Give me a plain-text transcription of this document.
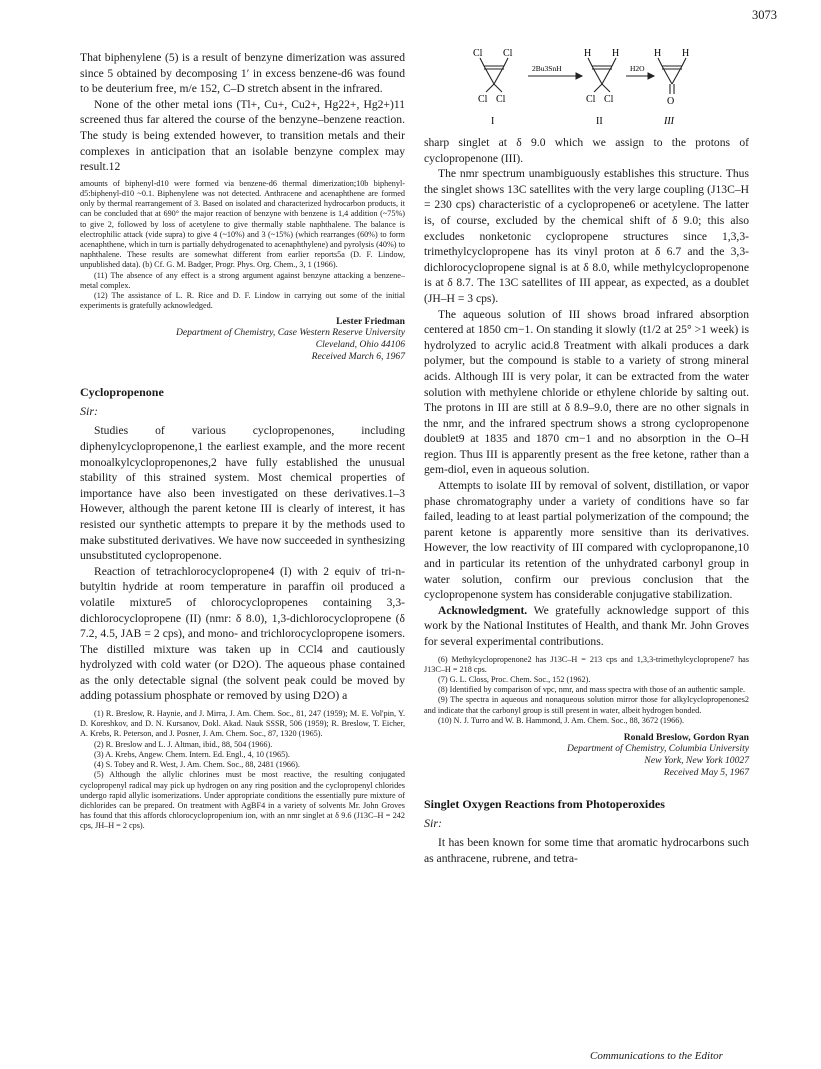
3073
Cl Cl
Cl Cl
I
2Bu3SnH
H H
Cl Cl
II
H2O
H H
O
III

That biphenylene (5) is a result of benzyne dimerization was assured since 5 obtained by decomposing 1′ in excess benzene-d6 was found to be deuterium free, m/e 152, C–D stretch absent in the infrared.

None of the other metal ions (Tl+, Cu+, Cu2+, Hg22+, Hg2+)11 screened thus far altered the course of the benzyne–benzene reaction. The study is being extended however, to transition metals and their complexes in anticipation that an isolable benzyne complex may result.12

amounts of biphenyl-d10 were formed via benzene-d6 thermal dimerization;10b biphenyl-d5:biphenyl-d10 ~0.1. Biphenylene was not detected. Anthracene and acenaphthene are formed only by thermal rearrangement of 3. Based on isolated and characterized hydrocarbon products, it can be concluded that at 690° the major reaction of benzyne with benzene is 1,4 addition (~75%) to give 2, followed by loss of acetylene to give thermally stable naphthalene. The balance is electrophilic attack (vide supra) to give 4 (~10%) and 3 (~15%) (which rearranges (60%) to form acenaphthene, which in turn is partially dehydrogenated to acenaphthylene) and pyrolysis (40%) to naphthalene. These results are somewhat different from earlier reports5a (D. F. Lindow, unpublished data). (b) Cf. G. M. Badger, Progr. Phys. Org. Chem., 3, 1 (1966).

(11) The absence of any effect is a strong argument against benzyne attacking a benzene–metal complex.

(12) The assistance of L. R. Rice and D. F. Lindow in carrying out some of the initial experiments is gratefully acknowledged.

Lester Friedman
Department of Chemistry, Case Western Reserve University
Cleveland, Ohio 44106
Received March 6, 1967
Cyclopropenone
Sir:

Studies of various cyclopropenones, including diphenylcyclopropenone,1 the earliest example, and the more recent monoalkylcyclopropenones,2 have fully established the unusual stability of this strained system. Most chemical properties of importance have also been investigated on these derivatives.1–3 However, although the parent ketone III is clearly of interest, it has resisted our synthetic attempts to prepare it by the methods used to make substituted derivatives. We have now succeeded in synthesizing unsubstituted cyclopropenone.

Reaction of tetrachlorocyclopropene4 (I) with 2 equiv of tri-n-butyltin hydride at room temperature in paraffin oil produced a volatile mixture5 of chlorocyclopropenes containing 3,3-dichlorocyclopropene (II) (nmr: δ 8.0), 1,3-dichlorocyclopropene (δ 7.2, 4.5, JAB = 2 cps), and mono- and trichlorocyclopropene isomers. The distilled mixture was taken up in CCl4 and cautiously hydrolyzed with cold water (or D2O). The aqueous phase contained as the only detectable signal (the solvent peak could be moved by adding potassium phosphate or removed by using D2O) a

(1) R. Breslow, R. Haynie, and J. Mirra, J. Am. Chem. Soc., 81, 247 (1959); M. E. Vol'pin, Y. D. Koreshkov, and D. N. Kursanov, Dokl. Akad. Nauk SSSR, 506 (1959); R. Breslow, T. Eicher, A. Krebs, R. Peterson, and J. Posner, J. Am. Chem. Soc., 87, 1320 (1965).

(2) R. Breslow and L. J. Altman, ibid., 88, 504 (1966).

(3) A. Krebs, Angew. Chem. Intern. Ed. Engl., 4, 10 (1965).

(4) S. Tobey and R. West, J. Am. Chem. Soc., 88, 2481 (1966).

(5) Although the allylic chlorines must be most reactive, the resulting conjugated cyclopropenyl radical may pick up hydrogen on any ring position and the cyclopropenyl chlorides undergo rapid allylic isomerizations. Under appropriate conditions the essentially pure mixture of dichlorides can be prepared. On treatment with AgBF4 in a variety of solvents Mr. John Groves has found that this affords chlorocyclopropenium ion, with an nmr singlet at δ 9.6 (J13C–H = 242 cps, JH–H = 2 cps).

sharp singlet at δ 9.0 which we assign to the protons of cyclopropenone (III).

The nmr spectrum unambiguously establishes this structure. Thus the singlet shows 13C satellites with the very large coupling (J13C–H = 230 cps) characteristic of a cyclopropene6 or acetylene. The latter is, of course, excluded by the chemical shift of δ 9.0; this also excludes nonketonic cyclopropene structures since 1,3,3-trimethylcyclopropene has its vinyl proton at δ 6.7 and the 3,3-dichlorocyclopropene signal is at δ 8.0, while methylcyclopropenone is at δ 8.7. The 13C satellites of III appear, as expected, as a doublet (JH–H = 3 cps).

The aqueous solution of III shows broad infrared absorption centered at 1850 cm−1. On standing it slowly (t1/2 at 25° >1 week) is hydrolyzed to acrylic acid.8 Treatment with alkali produces a dark polymer, but the compound is stable to a variety of strong mineral acids. Although III is very polar, it can be extracted from the water solution with methylene chloride or ethylene chloride by salting out. The protons in III are still at δ 8.9–9.0, there are no other signals in the nmr, and the infrared spectrum shows a strong cyclopropenone doublet9 at 1835 and 1870 cm−1 and no absorption in the O–H region. Thus III is apparently present as the free ketone, rather than a gem-diol, even in aqueous solution.

Attempts to isolate III by removal of solvent, distillation, or vapor phase chromatography under a variety of conditions have so far failed, leading to at least partial polymerization of the compound; the parent ketone is apparently more sensitive than its derivatives. However, the low reactivity of III compared with cyclopropanone,10 and in particular its retention of the unhydrated carbonyl group in water solution, confirm our previous conclusion that the cyclopropenone system has considerable conjugative stabilization.

Acknowledgment. We gratefully acknowledge support of this work by the National Institutes of Health, and thank Mr. John Groves for several experimental contributions.

(6) Methylcyclopropenone2 has J13C–H = 213 cps and 1,3,3-trimethylcyclopropene7 has J13C–H = 218 cps.

(7) G. L. Closs, Proc. Chem. Soc., 152 (1962).

(8) Identified by comparison of vpc, nmr, and mass spectra with those of an authentic sample.

(9) The spectra in aqueous and nonaqueous solution mirror those for alkylcyclopropenones2 and indicate that the carbonyl group is still present in water, albeit hydrogen bonded.

(10) N. J. Turro and W. B. Hammond, J. Am. Chem. Soc., 88, 3672 (1966).

Ronald Breslow, Gordon Ryan
Department of Chemistry, Columbia University
New York, New York 10027
Received May 5, 1967
Singlet Oxygen Reactions from Photoperoxides
Sir:

It has been known for some time that aromatic hydrocarbons such as anthracene, rubrene, and tetra-

Communications to the Editor
